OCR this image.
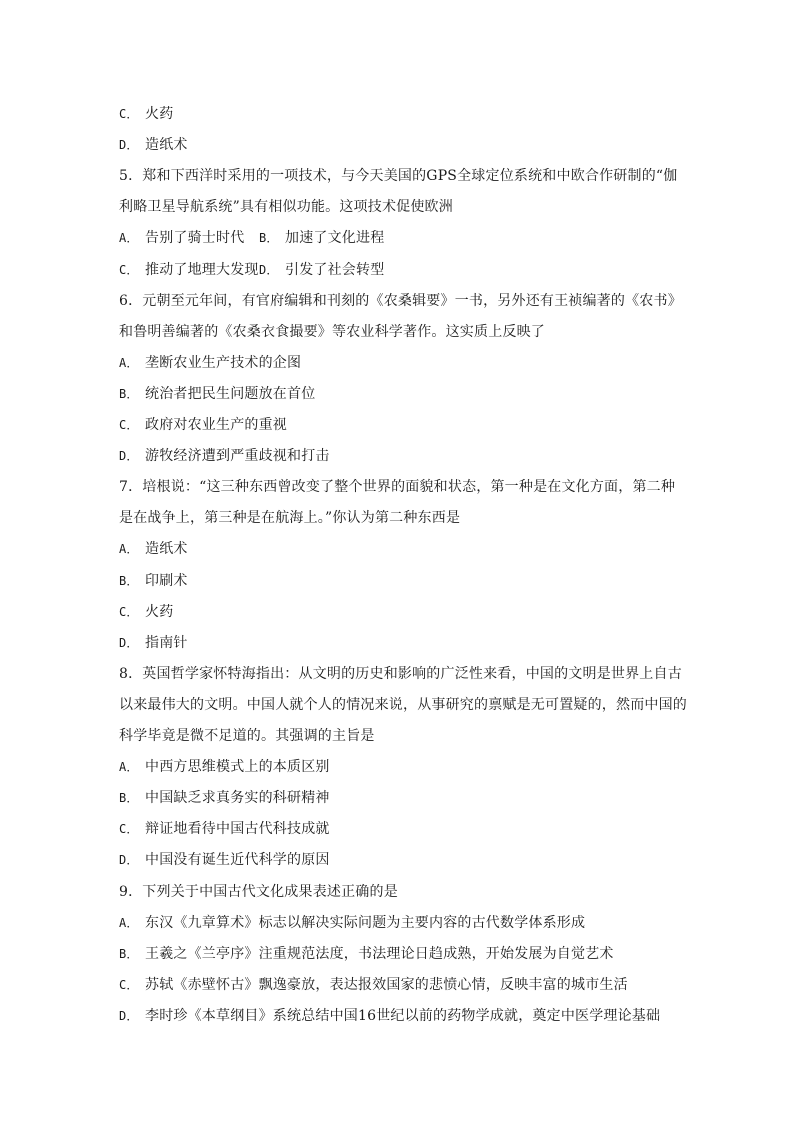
C． 火药
D． 造纸术
5．郑和下西洋时采用的一项技术，与今天美国的GPS全球定位系统和中欧合作研制的“伽
利略卫星导航系统”具有相似功能。这项技术促使欧洲
A． 告别了骑士时代 B． 加速了文化进程
C． 推动了地理大发现D． 引发了社会转型
6．元朝至元年间，有官府编辑和刊刻的《农桑辑要》一书，另外还有王祯编著的《农书》
和鲁明善编著的《农桑衣食撮要》等农业科学著作。这实质上反映了
A． 垄断农业生产技术的企图
B． 统治者把民生问题放在首位
C． 政府对农业生产的重视
D． 游牧经济遭到严重歧视和打击
7．培根说：“这三种东西曾改变了整个世界的面貌和状态，第一种是在文化方面，第二种
是在战争上，第三种是在航海上。”你认为第二种东西是
A． 造纸术
B． 印刷术
C． 火药
D． 指南针
8．英国哲学家怀特海指出：从文明的历史和影响的广泛性来看，中国的文明是世界上自古
以来最伟大的文明。中国人就个人的情况来说，从事研究的禀赋是无可置疑的，然而中国的
科学毕竟是微不足道的。其强调的主旨是
A． 中西方思维模式上的本质区别
B． 中国缺乏求真务实的科研精神
C． 辩证地看待中国古代科技成就
D． 中国没有诞生近代科学的原因
9．下列关于中国古代文化成果表述正确的是
A． 东汉《九章算术》标志以解决实际问题为主要内容的古代数学体系形成
B． 王羲之《兰亭序》注重规范法度，书法理论日趋成熟，开始发展为自觉艺术
C． 苏轼《赤壁怀古》飘逸豪放，表达报效国家的悲愤心情，反映丰富的城市生活
D． 李时珍《本草纲目》系统总结中国16世纪以前的药物学成就，奠定中医学理论基础
